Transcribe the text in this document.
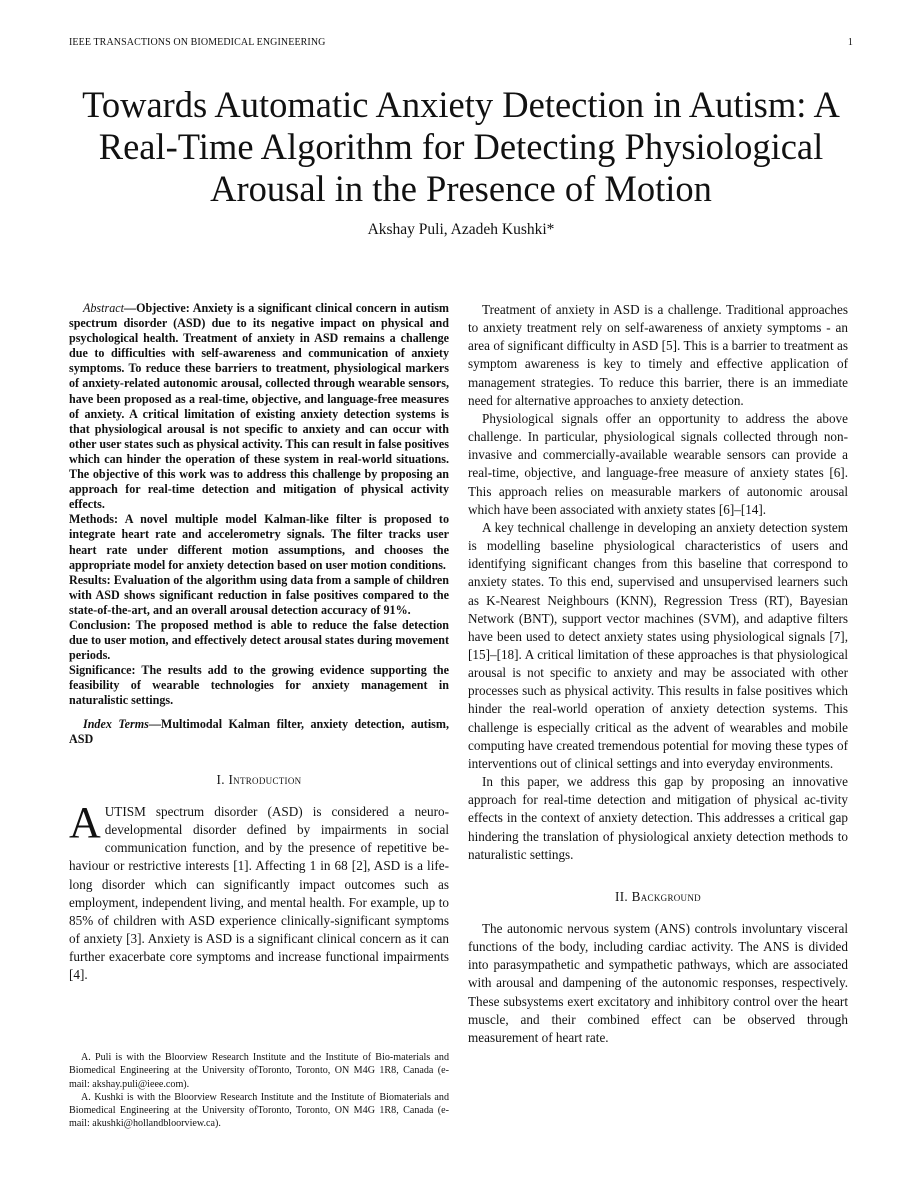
IEEE TRANSACTIONS ON BIOMEDICAL ENGINEERING	1
Towards Automatic Anxiety Detection in Autism: A Real-Time Algorithm for Detecting Physiological Arousal in the Presence of Motion
Akshay Puli, Azadeh Kushki*

Abstract—Objective: Anxiety is a significant clinical concern in autism spectrum disorder (ASD) due to its negative impact on physical and psychological health. Treatment of anxiety in ASD remains a challenge due to difficulties with self-awareness and communication of anxiety symptoms. To reduce these barriers to treatment, physiological markers of anxiety-related autonomic arousal, collected through wearable sensors, have been proposed as a real-time, objective, and language-free measures of anxiety. A critical limitation of existing anxiety detection systems is that physiological arousal is not specific to anxiety and can occur with other user states such as physical activity. This can result in false positives which can hinder the operation of these system in real-world situations. The objective of this work was to address this challenge by proposing an approach for real-time detection and mitigation of physical activity effects.

Methods: A novel multiple model Kalman-like filter is proposed to integrate heart rate and accelerometry signals. The filter tracks user heart rate under different motion assumptions, and chooses the appropriate model for anxiety detection based on user motion conditions.

Results: Evaluation of the algorithm using data from a sample of children with ASD shows significant reduction in false positives compared to the state-of-the-art, and an overall arousal detection accuracy of 91%.

Conclusion: The proposed method is able to reduce the false detection due to user motion, and effectively detect arousal states during movement periods.

Significance: The results add to the growing evidence supporting the feasibility of wearable technologies for anxiety management in naturalistic settings.

Index Terms—Multimodal Kalman filter, anxiety detection, autism, ASD

I. Introduction

AUTISM spectrum disorder (ASD) is considered a neuro-developmental disorder defined by impairments in social communication function, and by the presence of repetitive be-haviour or restrictive interests [1]. Affecting 1 in 68 [2], ASD is a life-long disorder which can significantly impact outcomes such as employment, independent living, and mental health. For example, up to 85% of children with ASD experience clinically-significant symptoms of anxiety [3]. Anxiety is ASD is a significant clinical concern as it can further exacerbate core symptoms and increase functional impairments [4].

A. Puli is with the Bloorview Research Institute and the Institute of Bio-materials and Biomedical Engineering at the University ofToronto, Toronto, ON M4G 1R8, Canada (e-mail: akshay.puli@ieee.com).

A. Kushki is with the Bloorview Research Institute and the Institute of Biomaterials and Biomedical Engineering at the University ofToronto, Toronto, ON M4G 1R8, Canada (e-mail: akushki@hollandbloorview.ca).

Treatment of anxiety in ASD is a challenge. Traditional approaches to anxiety treatment rely on self-awareness of anxiety symptoms - an area of significant difficulty in ASD [5]. This is a barrier to treatment as symptom awareness is key to timely and effective application of management strategies. To reduce this barrier, there is an immediate need for alternative approaches to anxiety detection.

Physiological signals offer an opportunity to address the above challenge. In particular, physiological signals collected through non-invasive and commercially-available wearable sensors can provide a real-time, objective, and language-free measure of anxiety states [6]. This approach relies on measurable markers of autonomic arousal which have been associated with anxiety states [6]–[14].

A key technical challenge in developing an anxiety detection system is modelling baseline physiological characteristics of users and identifying significant changes from this baseline that correspond to anxiety states. To this end, supervised and unsupervised learners such as K-Nearest Neighbours (KNN), Regression Tress (RT), Bayesian Network (BNT), support vector machines (SVM), and adaptive filters have been used to detect anxiety states using physiological signals [7], [15]–[18]. A critical limitation of these approaches is that physiological arousal is not specific to anxiety and may be associated with other processes such as physical activity. This results in false positives which hinder the real-world operation of anxiety detection systems. This challenge is especially critical as the advent of wearables and mobile computing have created tremendous potential for moving these types of interventions out of clinical settings and into everyday environments.

In this paper, we address this gap by proposing an innovative approach for real-time detection and mitigation of physical ac-tivity effects in the context of anxiety detection. This addresses a critical gap hindering the translation of physiological anxiety detection methods to naturalistic settings.

II. Background

The autonomic nervous system (ANS) controls involuntary visceral functions of the body, including cardiac activity. The ANS is divided into parasympathetic and sympathetic pathways, which are associated with arousal and dampening of the autonomic responses, respectively. These subsystems exert excitatory and inhibitory control over the heart muscle, and their combined effect can be observed through measurement of heart rate.
